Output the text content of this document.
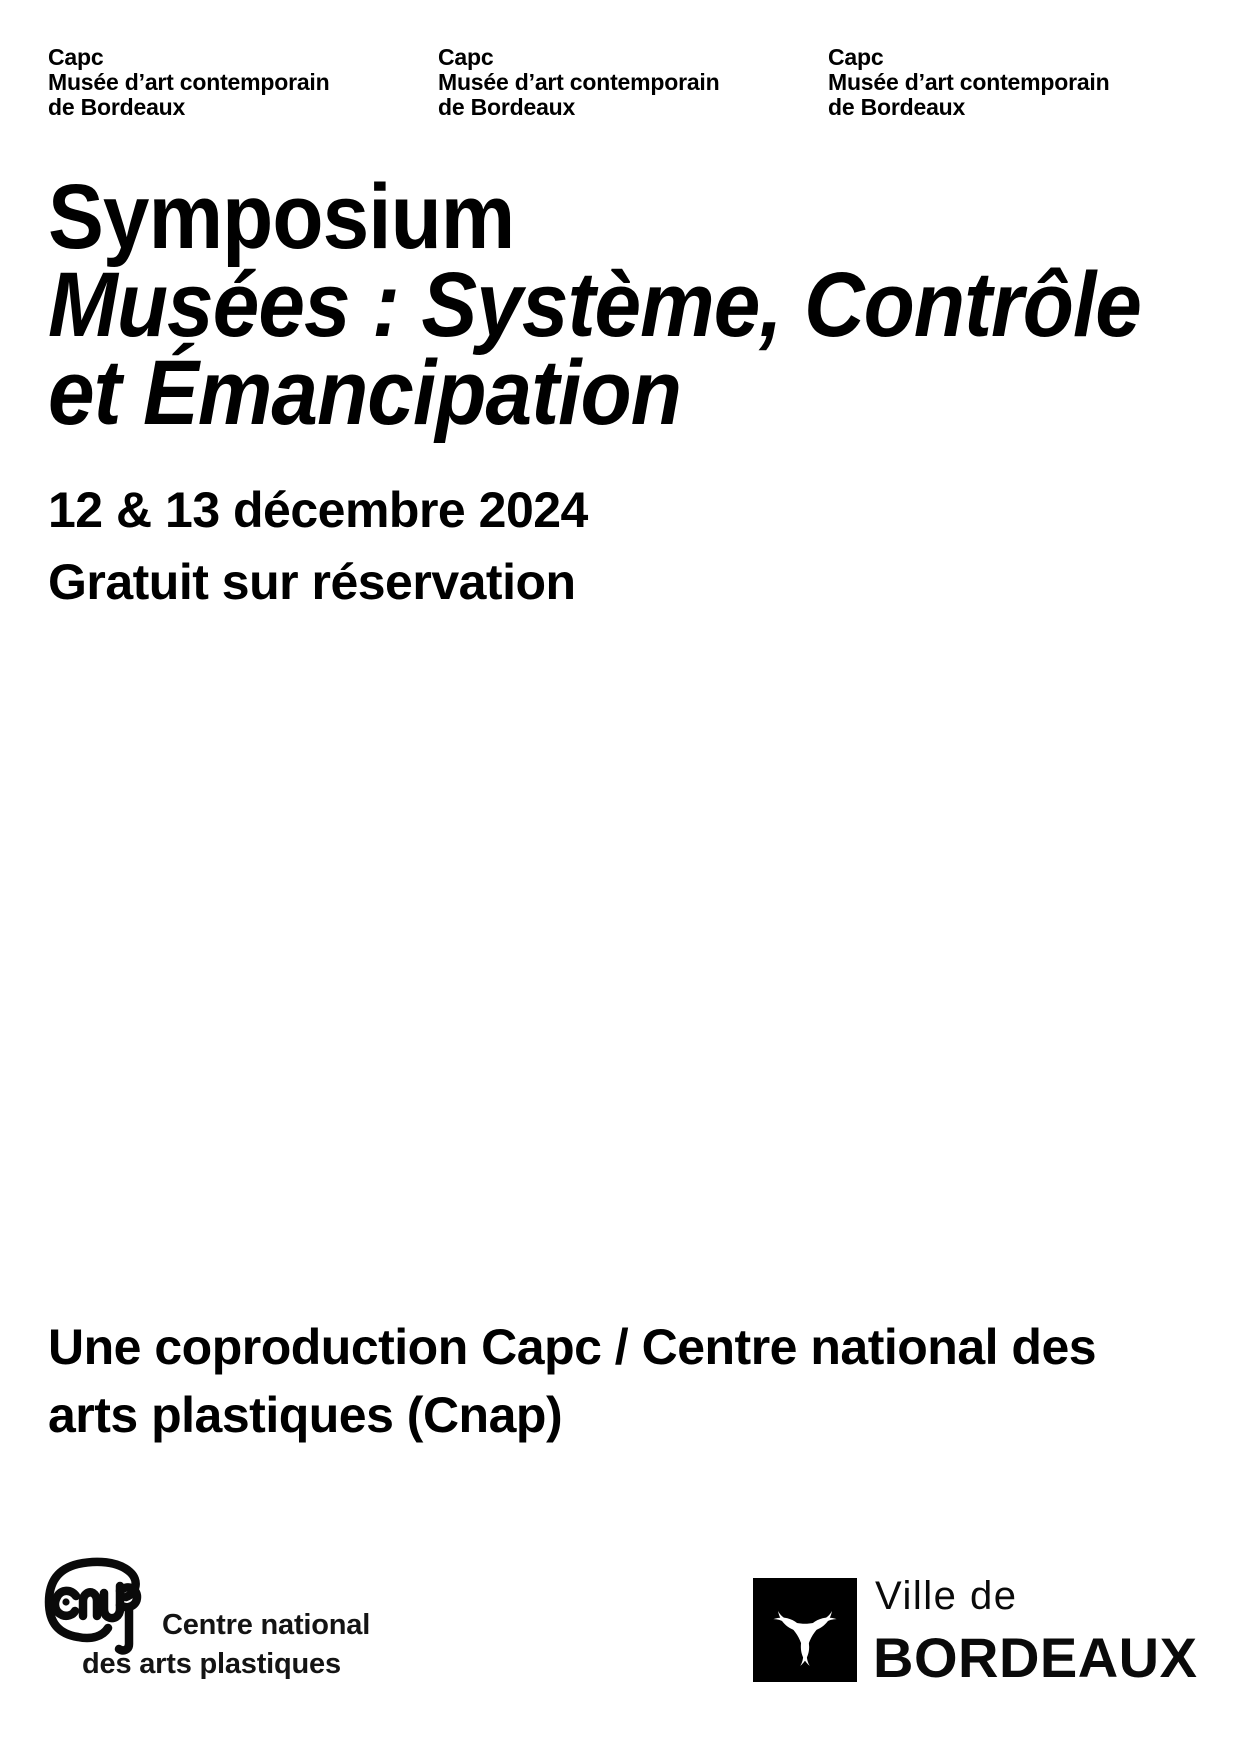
Capc
Musée d’art contemporain
de Bordeaux
Capc
Musée d’art contemporain
de Bordeaux
Capc
Musée d’art contemporain
de Bordeaux
Symposium
Musées : Système, Contrôle
et Émancipation
12 & 13 décembre 2024
Gratuit sur réservation
Une coproduction Capc / Centre national des
arts plastiques (Cnap)
Centre national
des arts plastiques
Ville de
BORDEAUX
